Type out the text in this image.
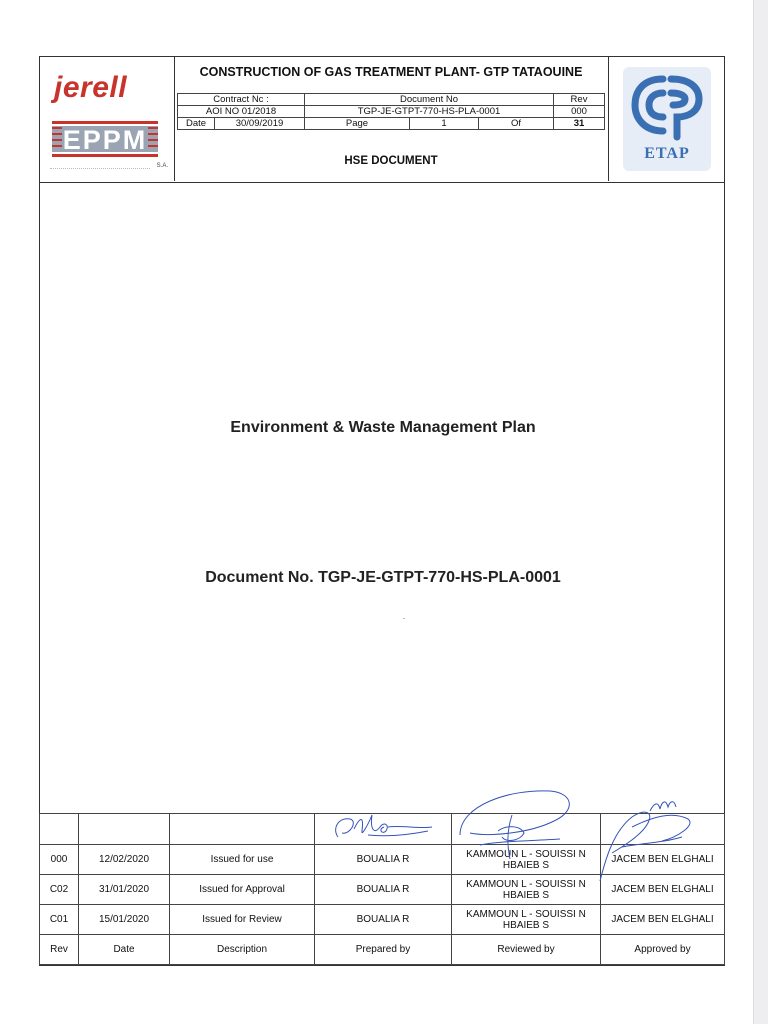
jerell
EPPM
S.A.
CONSTRUCTION OF GAS TREATMENT PLANT- GTP TATAOUINE
Contract Nc :	Document No			Rev
AOI NO 01/2018	TGP-JE-GTPT-770-HS-PLA-0001			000

Date 30/09/2019	Page	1	Of	31
HSE DOCUMENT	ETAP
Environment & Waste Management Plan
Document No. TGP-JE-GTPT-770-HS-PLA-0001

000	12/02/2020	Issued for use	BOUALIA R	KAMMOUN L - SOUISSI N
HBAIEB S	JACEM BEN ELGHALI
C02	31/01/2020	Issued for Approval	BOUALIA R	KAMMOUN L - SOUISSI N
HBAIEB S	JACEM BEN ELGHALI
C01	15/01/2020	Issued for Review	BOUALIA R	KAMMOUN L - SOUISSI N
HBAIEB S	JACEM BEN ELGHALI
Rev	Date	Description	Prepared by	Reviewed by	Approved by
